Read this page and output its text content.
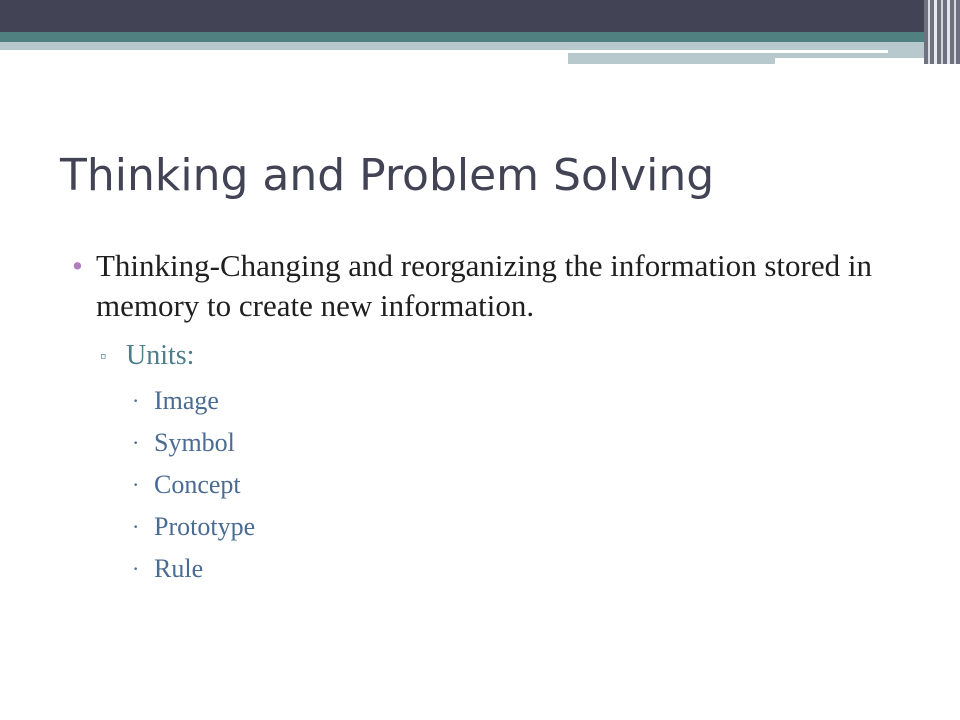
Thinking and Problem Solving
• Thinking-Changing and reorganizing the information stored in memory to create new information.
▫ Units:
· Image
· Symbol
· Concept
· Prototype
· Rule
